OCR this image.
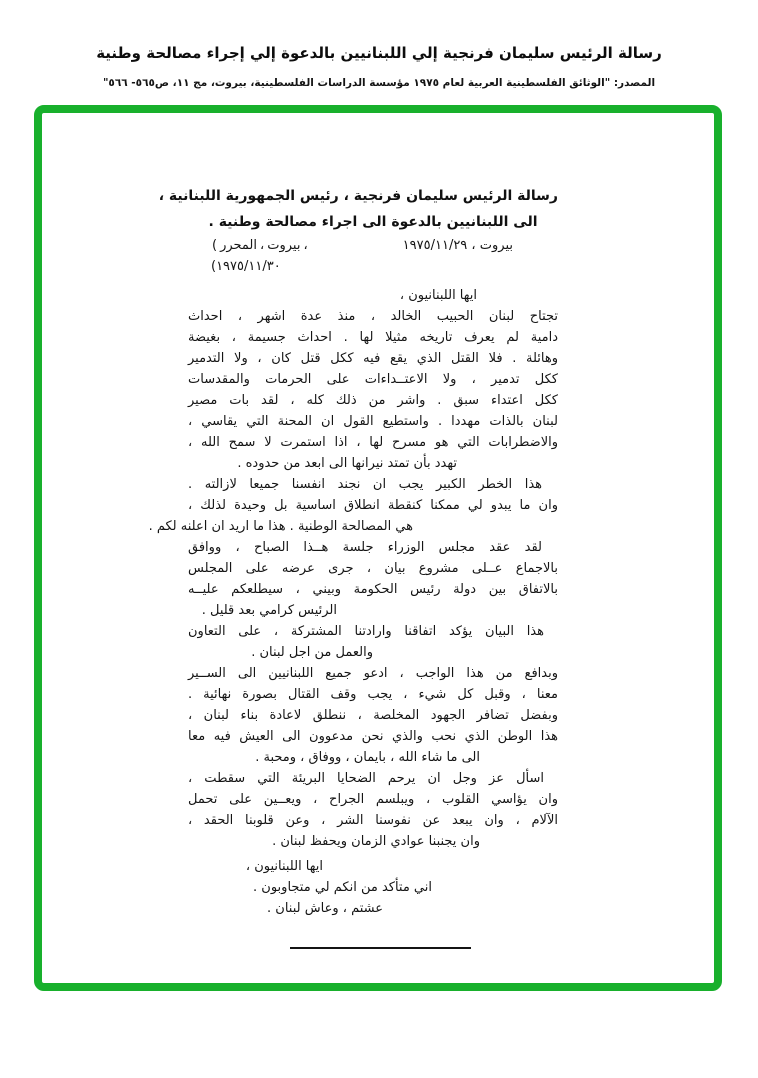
رسالة الرئيس سليمان فرنجية إلي اللبنانيين بالدعوة إلي إجراء مصالحة وطنية
المصدر: "الوثائق الفلسطينية العربية لعام ١٩٧٥ مؤسسة الدراسات الفلسطينية، بيروت، مج ١١، ص٥٦٥- ٥٦٦"
رسالة الرئيس سليمان فرنجية ، رئيس الجمهورية اللبنانية ،
الى اللبنانيين بالدعوة الى اجراء مصالحة وطنية .
بيروت ، ١٩٧٥/١١/٢٩
( المحرر ، بيروت ،
(١٩٧٥/١١/٣٠
ايها اللبنانيون ،
تجتاح لبنان الحبيب الخالد ، منذ عدة اشهر ، احداث
دامية لم يعرف تاريخه مثيلا لها . احداث جسيمة ، بغيضة
وهائلة . فلا القتل الذي يقع فيه ككل قتل كان ، ولا التدمير
ككل تدمير ، ولا الاعتــداءات على الحرمات والمقدسات
ككل اعتداء سبق . واشر من ذلك كله ، لقد بات مصير
لبنان بالذات مهددا . واستطيع القول ان المحنة التي يقاسي ،
والاضطرابات التي هو مسرح لها ، اذا استمرت لا سمح الله ،
تهدد بأن تمتد نيرانها الى ابعد من حدوده .
هذا الخطر الكبير يجب ان نجند انفسنا جميعا لازالته .
وان ما يبدو لي ممكنا كنقطة انطلاق اساسية بل وحيدة لذلك ،
هي المصالحة الوطنية . هذا ما اريد ان اعلنه لكم .
لقد عقد مجلس الوزراء جلسة هــذا الصباح ، ووافق
بالاجماع عــلى مشروع بيان ، جرى عرضه على المجلس
بالاتفاق بين دولة رئيس الحكومة وبيني ، سيطلعكم عليــه
الرئيس كرامي بعد قليل .
هذا البيان يؤكد اتفاقنا وارادتنا المشتركة ، على التعاون
والعمل من اجل لبنان .
وبدافع من هذا الواجب ، ادعو جميع اللبنانيين الى الســير
معنا ، وقبل كل شيء ، يجب وقف القتال بصورة نهائية .
وبفضل تضافر الجهود المخلصة ، ننطلق لاعادة بناء لبنان ،
هذا الوطن الذي نحب والذي نحن مدعوون الى العيش فيه معا
الى ما شاء الله ، بايمان ، ووفاق ، ومحبة .
اسأل عز وجل ان يرحم الضحايا البريئة التي سقطت ،
وان يؤاسي القلوب ، ويبلسم الجراح ، ويعــين على تحمل
الآلام ، وان يبعد عن نفوسنا الشر ، وعن قلوبنا الحقد ،
وان يجنبنا عوادي الزمان ويحفظ لبنان .
ايها اللبنانيون ،
اني متأكد من انكم لي متجاوبون .
عشتم ، وعاش لبنان .
